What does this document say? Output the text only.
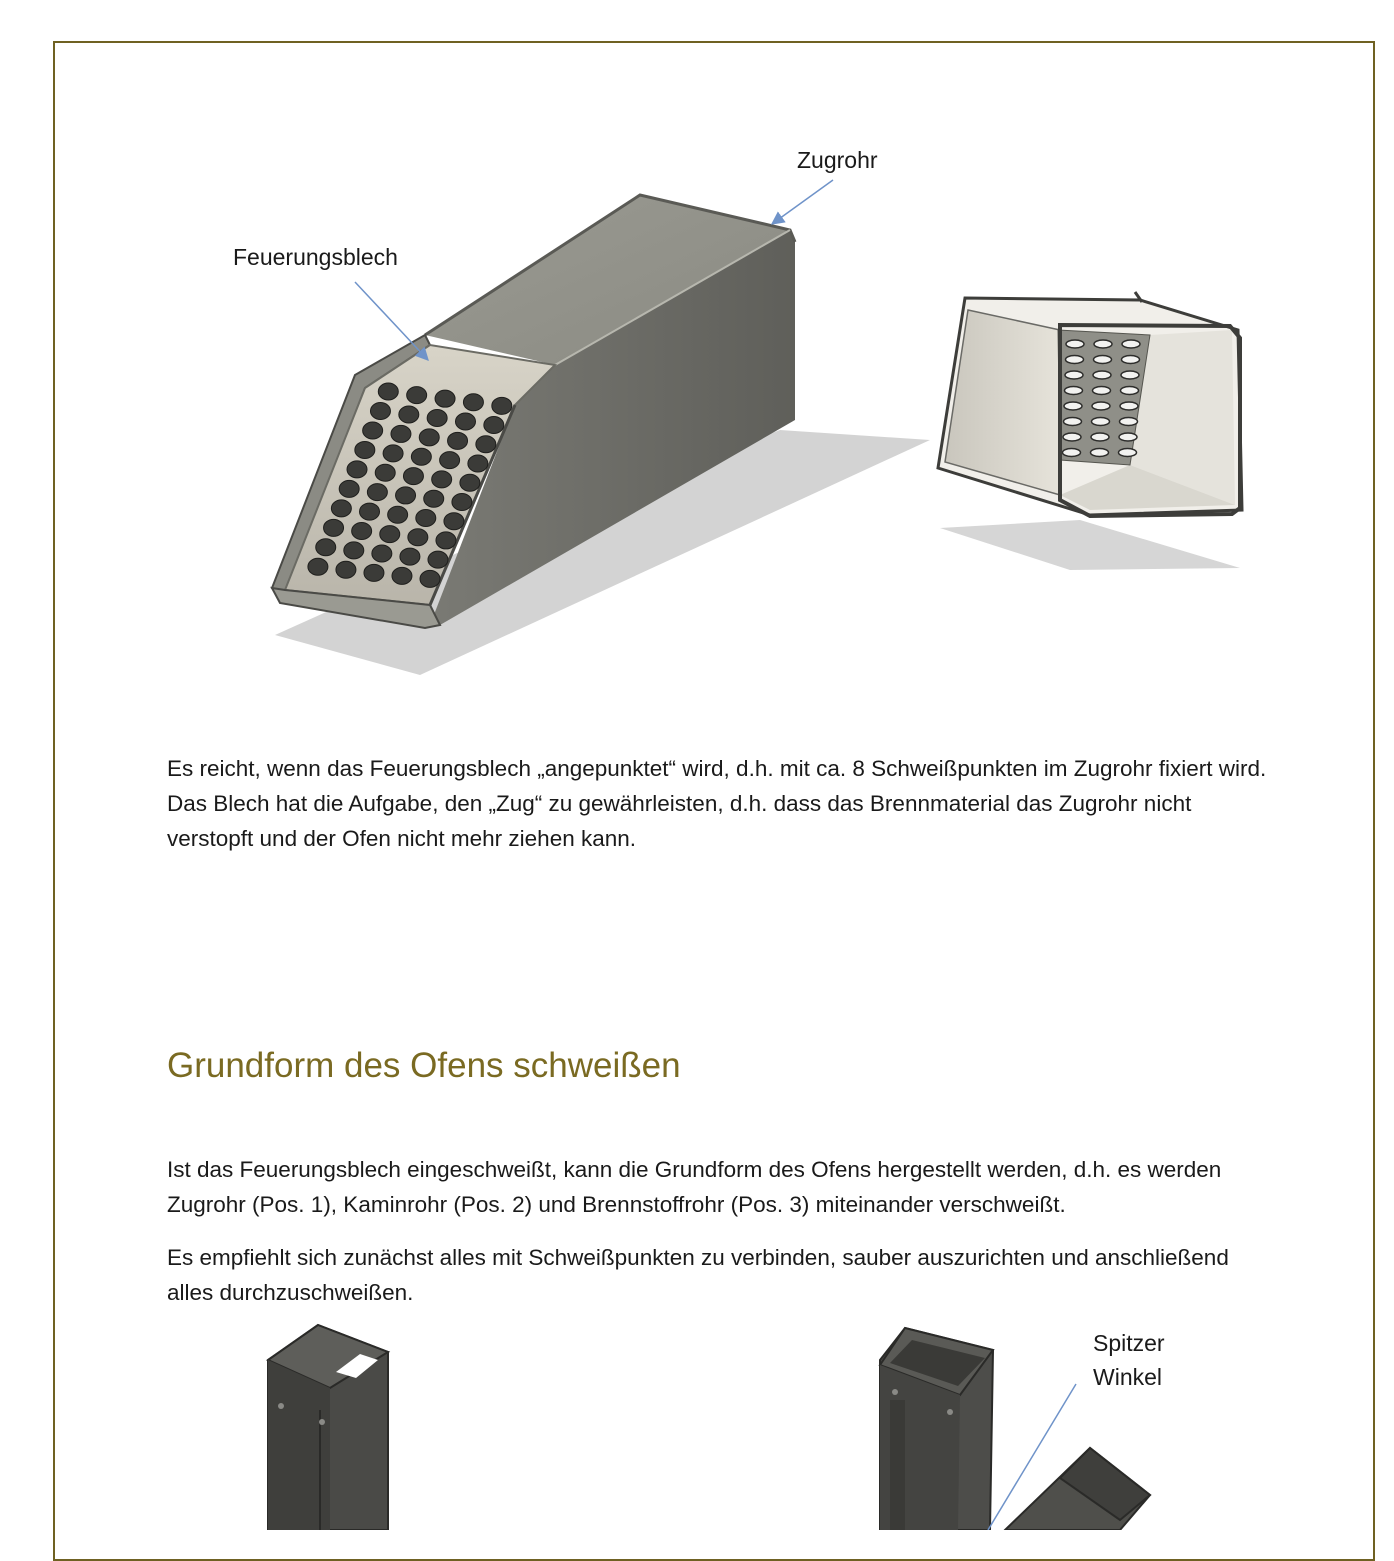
Feuerungsblech
Zugrohr

Es reicht, wenn das Feuerungsblech „angepunktet“ wird, d.h. mit ca. 8 Schweißpunkten im Zugrohr fixiert wird. Das Blech hat die Aufgabe, den „Zug“ zu gewährleisten, d.h. dass das Brennmaterial das Zugrohr nicht verstopft und der Ofen nicht mehr ziehen kann.

Grundform des Ofens schweißen

Ist das Feuerungsblech eingeschweißt, kann die Grundform des Ofens hergestellt werden, d.h. es werden Zugrohr (Pos. 1), Kaminrohr (Pos. 2) und Brennstoffrohr (Pos. 3) miteinander verschweißt.

Es empfiehlt sich zunächst alles mit Schweißpunkten zu verbinden, sauber auszurichten und anschließend alles durchzuschweißen.

Spitzer
Winkel
